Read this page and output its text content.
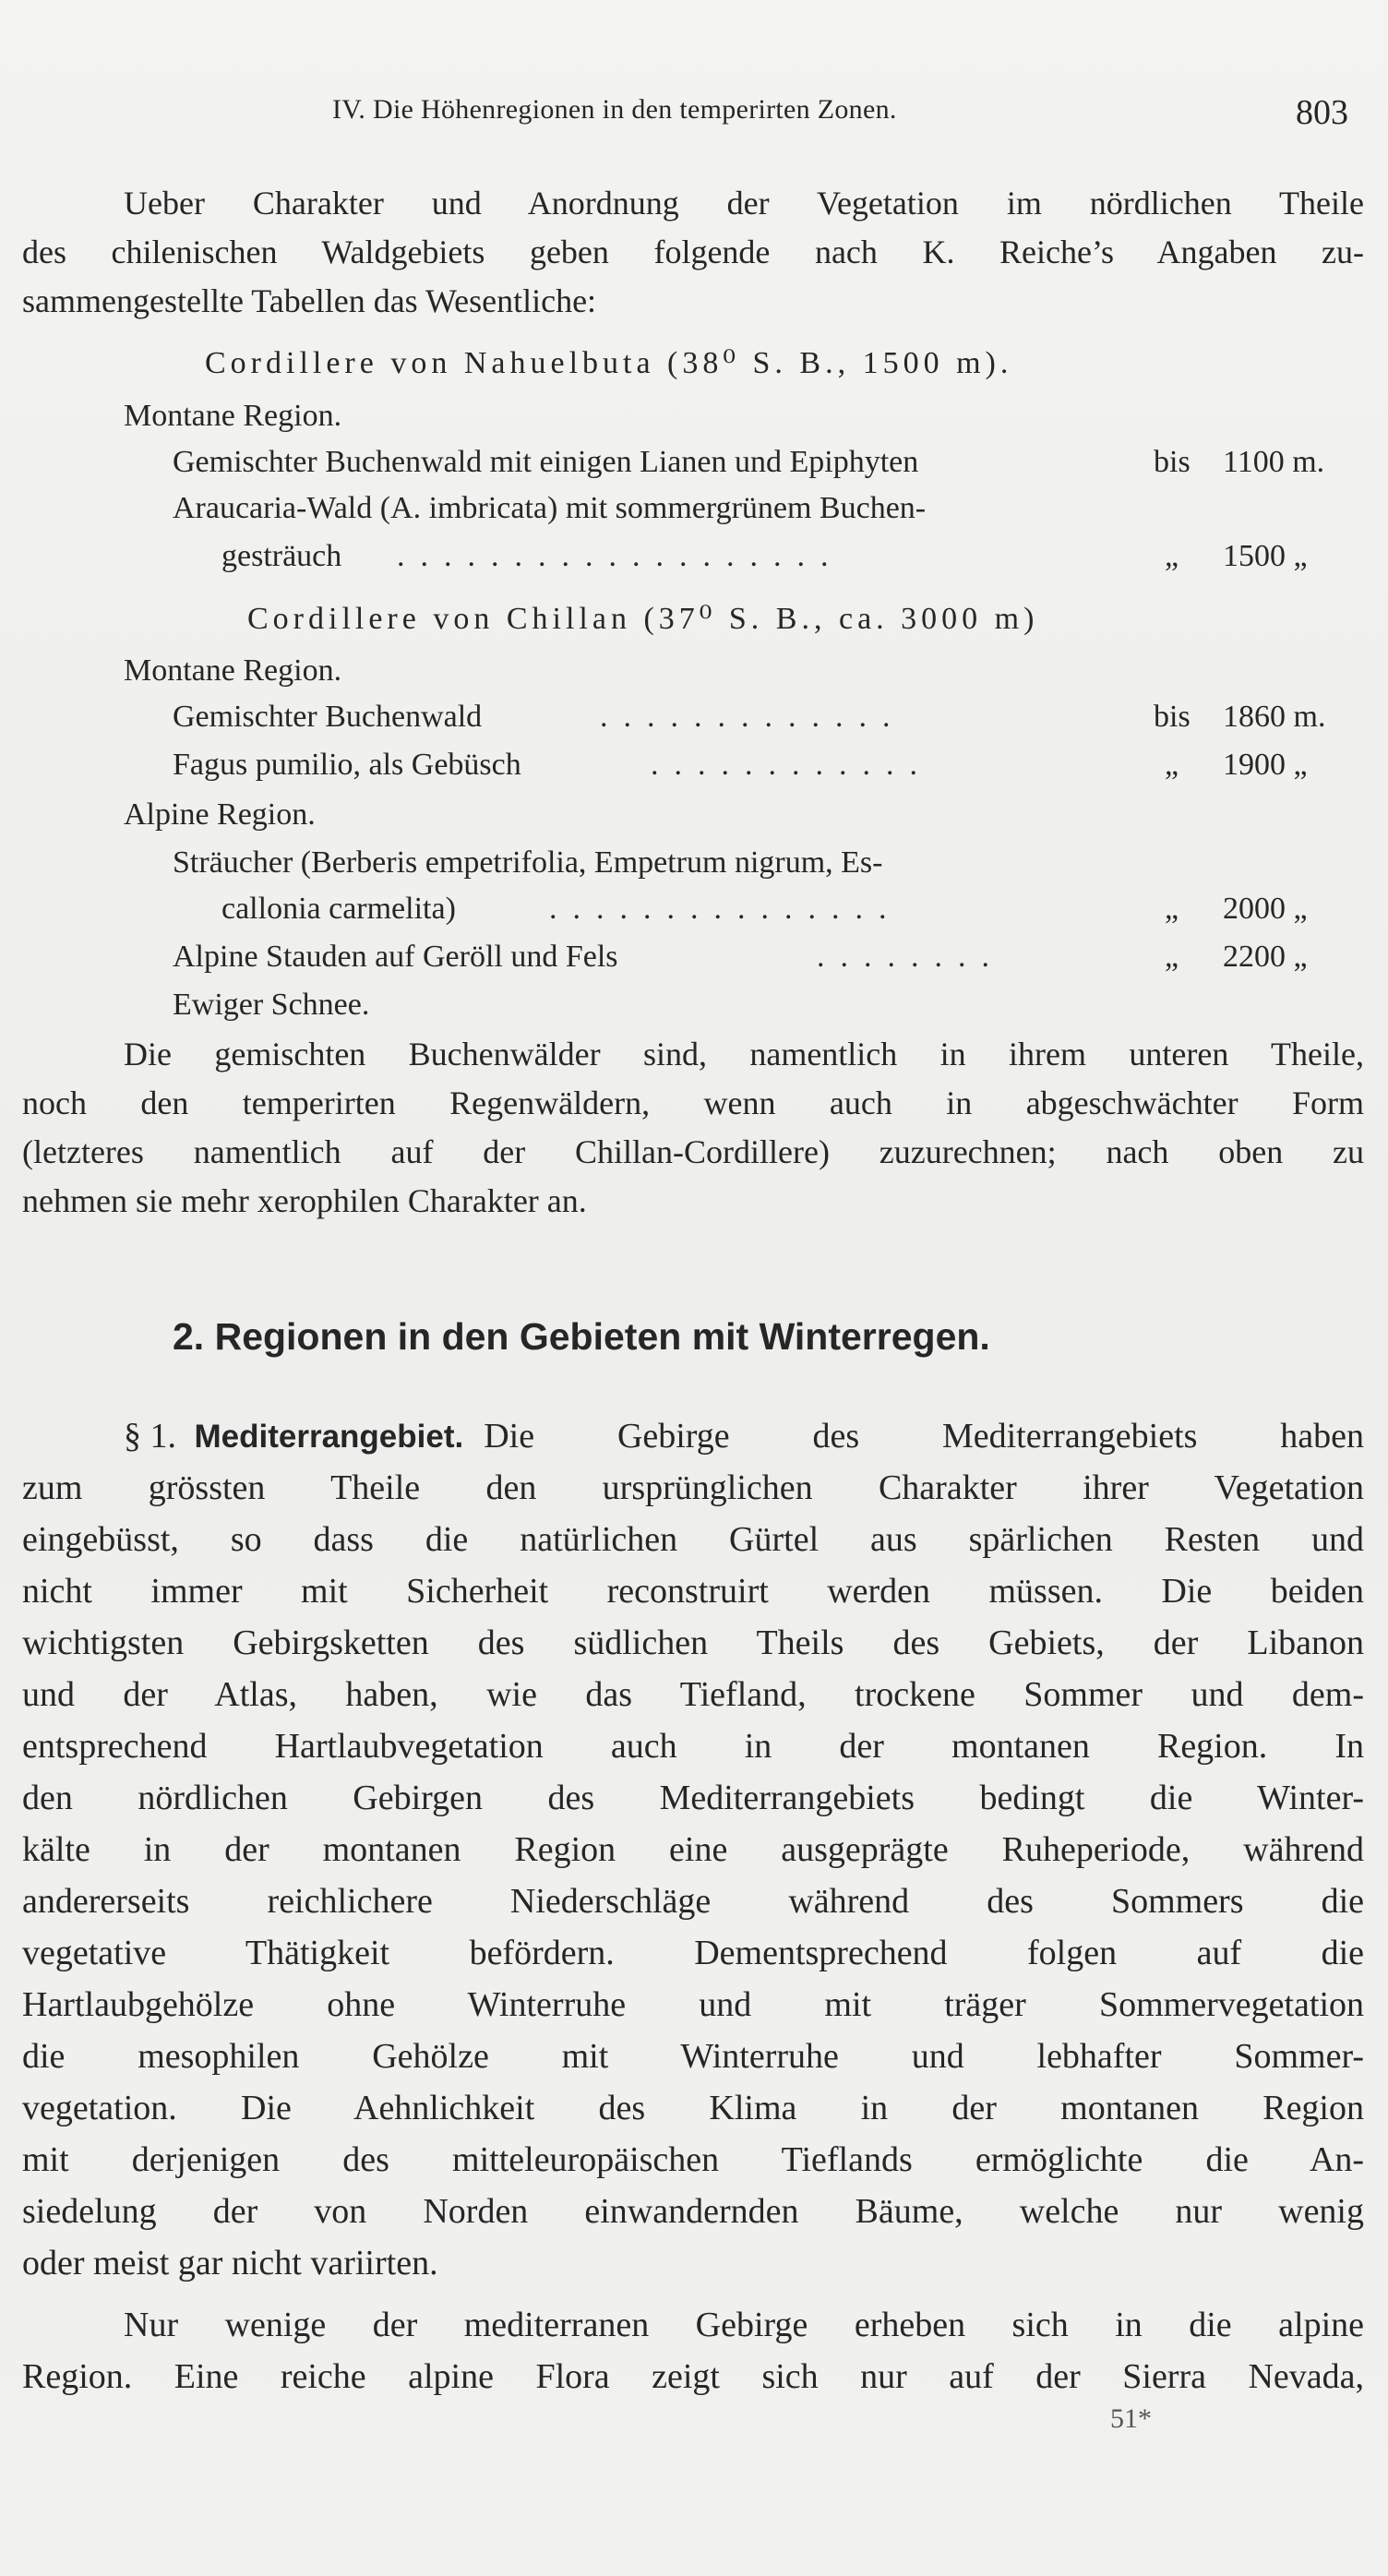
IV. Die Höhenregionen in den temperirten Zonen.	803
Ueber Charakter und Anordnung der Vegetation im nördlichen Theile
des chilenischen Waldgebiets geben folgende nach K. Reiche’s Angaben zu-
sammengestellte Tabellen das Wesentliche:
Cordillere von Nahuelbuta (38⁰ S. B., 1500 m).
Montane Region.
Gemischter Buchenwald mit einigen Lianen und Epiphyten	bis 1100 m.
Araucaria-Wald (A. imbricata) mit sommergrünem Buchen-
gesträuch .  .  .  .  .  .  .  .  .  .  .  .  .  .  .  .  .  .  .	„ 1500 „
Cordillere von Chillan (37⁰ S. B., ca. 3000 m)
Montane Region.
Gemischter Buchenwald	.  .  .  .  .  .  .  .  .  .  .  .  .	bis 1860 m.
Fagus pumilio, als Gebüsch	.  .  .  .  .  .  .  .  .  .  .  .	„ 1900 „
Alpine Region.
Sträucher (Berberis empetrifolia, Empetrum nigrum, Es-
callonia carmelita)	.  .  .  .  .  .  .  .  .  .  .  .  .  .  .	„ 2000 „
Alpine Stauden auf Geröll und Fels	.  .  .  .  .  .  .  .	„ 2200 „
Ewiger Schnee.
Die gemischten Buchenwälder sind, namentlich in ihrem unteren Theile,
noch den temperirten Regenwäldern, wenn auch in abgeschwächter Form
(letzteres namentlich auf der Chillan-Cordillere) zuzurechnen; nach oben zu
nehmen sie mehr xerophilen Charakter an.
2. Regionen in den Gebieten mit Winterregen.
§ 1. Mediterrangebiet. Die Gebirge des Mediterrangebiets haben
zum grössten Theile den ursprünglichen Charakter ihrer Vegetation
eingebüsst, so dass die natürlichen Gürtel aus spärlichen Resten und
nicht immer mit Sicherheit reconstruirt werden müssen. Die beiden
wichtigsten Gebirgsketten des südlichen Theils des Gebiets, der Libanon
und der Atlas, haben, wie das Tiefland, trockene Sommer und dem-
entsprechend Hartlaubvegetation auch in der montanen Region. In
den nördlichen Gebirgen des Mediterrangebiets bedingt die Winter-
kälte in der montanen Region eine ausgeprägte Ruheperiode, während
andererseits reichlichere Niederschläge während des Sommers die
vegetative Thätigkeit befördern. Dementsprechend folgen auf die
Hartlaubgehölze ohne Winterruhe und mit träger Sommervegetation
die mesophilen Gehölze mit Winterruhe und lebhafter Sommer-
vegetation. Die Aehnlichkeit des Klima in der montanen Region
mit derjenigen des mitteleuropäischen Tieflands ermöglichte die An-
siedelung der von Norden einwandernden Bäume, welche nur wenig
oder meist gar nicht variirten.
Nur wenige der mediterranen Gebirge erheben sich in die alpine
Region. Eine reiche alpine Flora zeigt sich nur auf der Sierra Nevada,
51*
